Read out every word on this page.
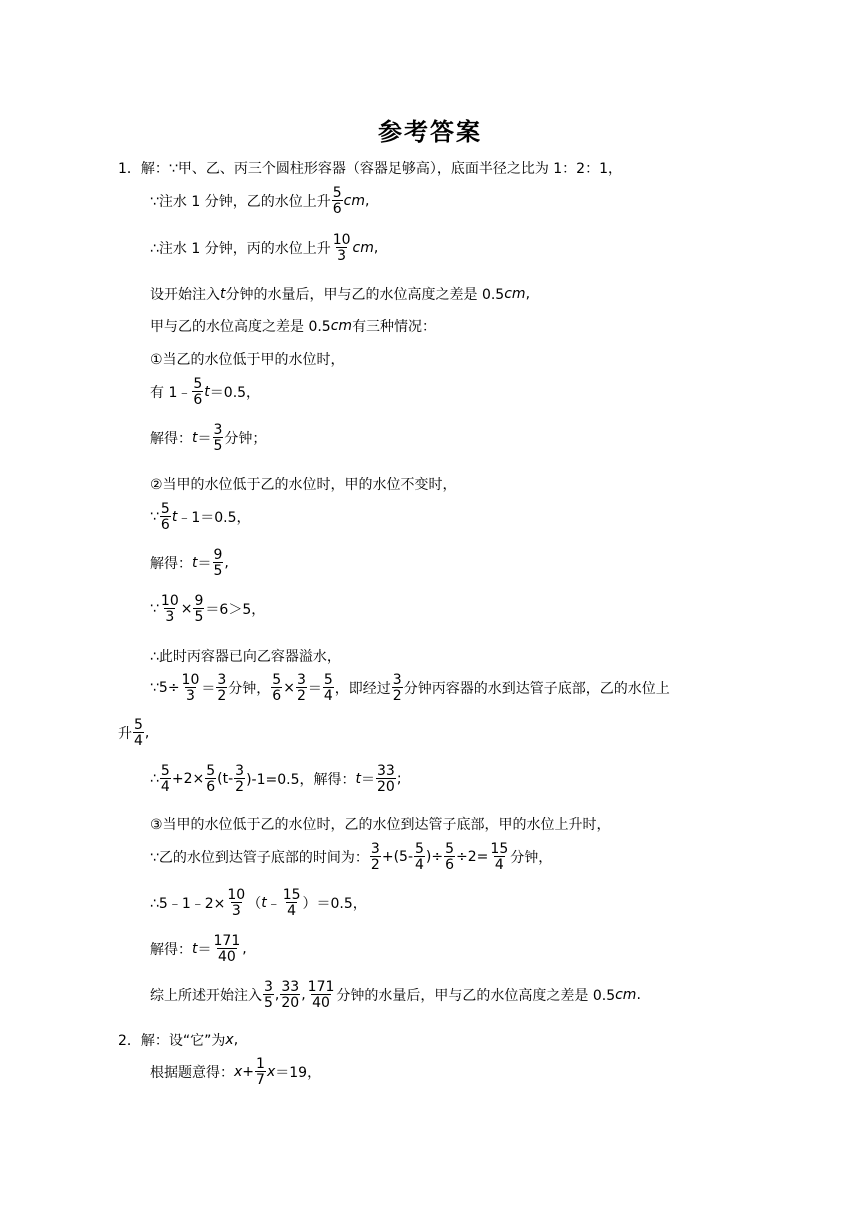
参考答案
1．解：∵甲、乙、丙三个圆柱形容器（容器足够高），底面半径之比为 1：2：1，
∵注水 1 分钟，乙的水位上升 $\frac{5}{6}$ cm ,
∴注水 1 分钟，丙的水位上升 $\frac{10}{3}$ cm ,
设开始注入 t 分钟的水量后，甲与乙的水位高度之差是 0.5 cm ,
甲与乙的水位高度之差是 0.5 cm 有三种情况：
①当乙的水位低于甲的水位时，
有 1﹣ $\frac{5}{6}$ t ＝0.5，
解得： $t = \frac{3}{5}$ 分钟；
②当甲的水位低于乙的水位时，甲的水位不变时，
∵ $\frac{5}{6}$ t ﹣1＝0.5，
解得： $t = \frac{9}{5}$ ,
∵ $\frac{10}{3} \times \frac{9}{5} =6>5$，
∴此时丙容器已向乙容器溢水，
∵5÷ $\frac{10}{3} = \frac{3}{2}$ 分钟， $\frac{5}{6} \times \frac{3}{2} = \frac{5}{4}$ ，即经过 $\frac{3}{2}$ 分钟丙容器的水到达管子底部，乙的水位上
升 $\frac{5}{4}$ ,
∴ $\frac{5}{4} +2\times \frac{5}{6} (t- \frac{3}{2} )-1=0.5$，解得： $t = \frac{33}{20}$ ;
③当甲的水位低于乙的水位时，乙的水位到达管子底部，甲的水位上升时，
∵乙的水位到达管子底部的时间为： $\frac{3}{2} +(5- \frac{5}{4}$ )÷ $\frac{5}{6} \div 2= \frac{15}{4}$ 分钟，
∴5﹣1﹣2× $\frac{10}{3}$ （ t ﹣ $\frac{15}{4} )=0.5$，
解得： $t = \frac{171}{40}$ ,
综上所述开始注入 $\frac{3}{5}$ , $\frac{33}{20}$ , $\frac{171}{40}$ 分钟的水量后，甲与乙的水位高度之差是 0.5 cm .
2．解：设“它”为 x ,
根据题意得： $x + \frac{1}{7}$ x ＝19，
